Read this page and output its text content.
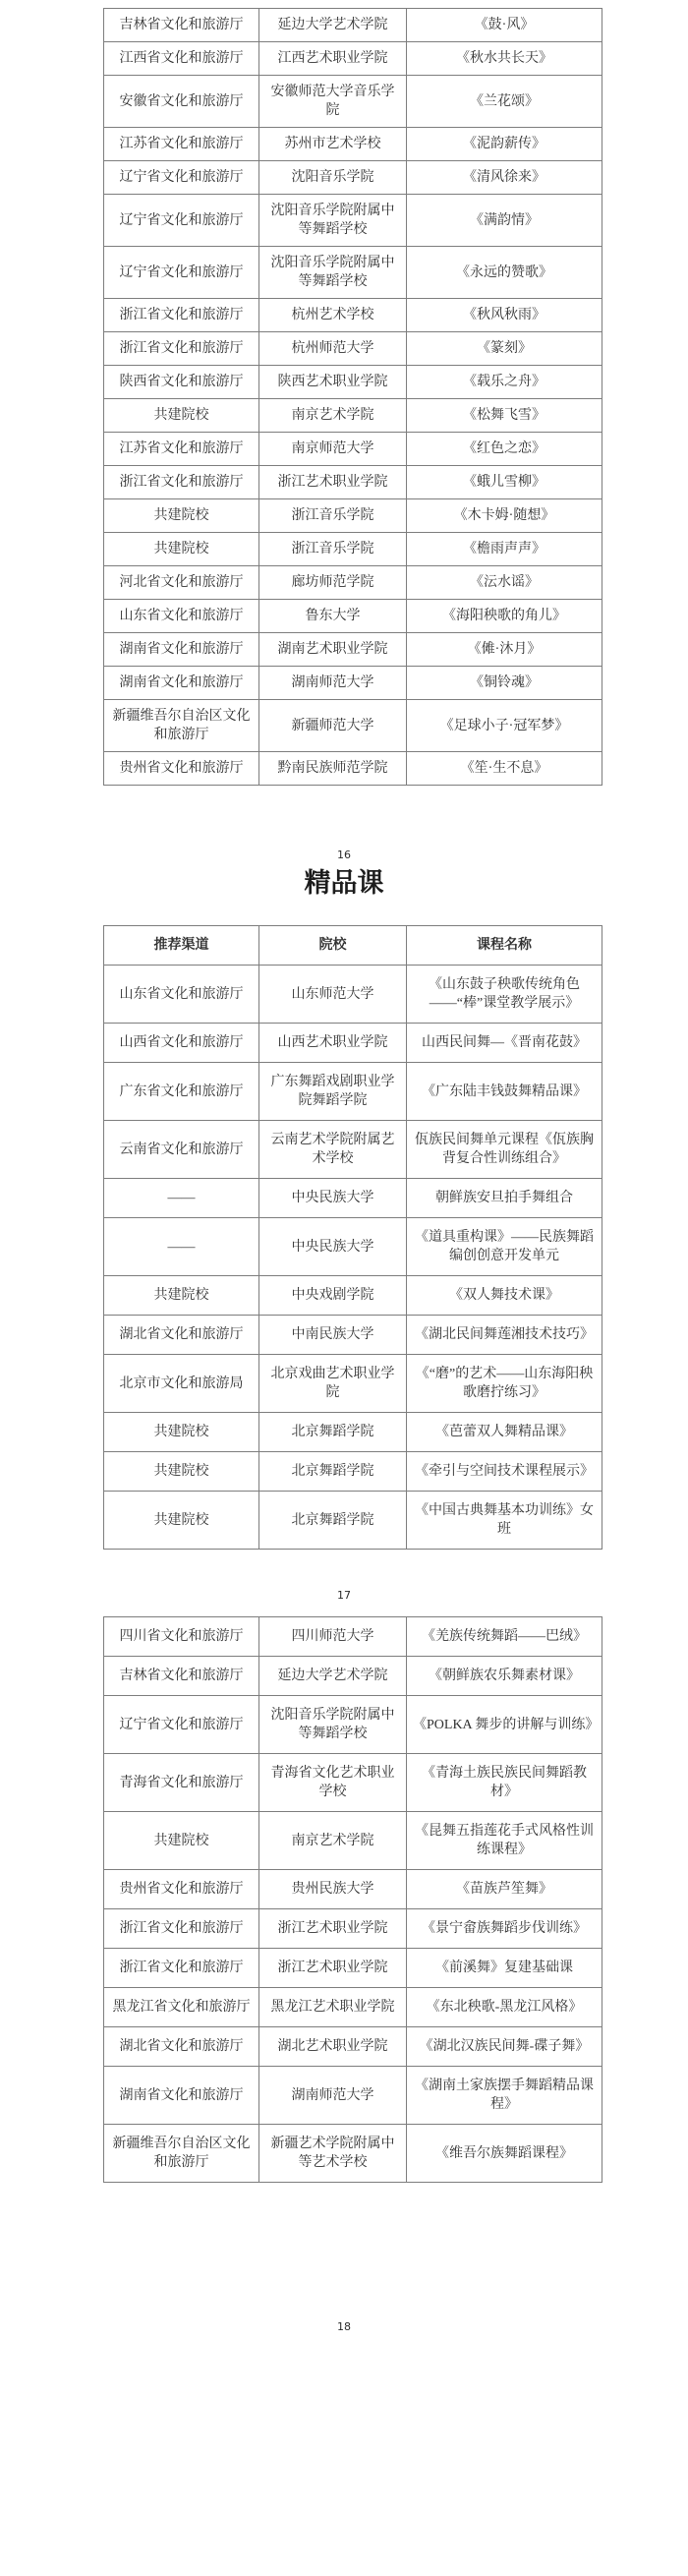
吉林省文化和旅游厅	延边大学艺术学院	《鼓·风》
江西省文化和旅游厅	江西艺术职业学院	《秋水共长天》
安徽省文化和旅游厅	安徽师范大学音乐学院	《兰花颂》
江苏省文化和旅游厅	苏州市艺术学校	《泥韵薪传》
辽宁省文化和旅游厅	沈阳音乐学院	《清风徐来》
辽宁省文化和旅游厅	沈阳音乐学院附属中等舞蹈学校	《满韵情》
辽宁省文化和旅游厅	沈阳音乐学院附属中等舞蹈学校	《永远的赞歌》
浙江省文化和旅游厅	杭州艺术学校	《秋风秋雨》
浙江省文化和旅游厅	杭州师范大学	《篆刻》
陕西省文化和旅游厅	陕西艺术职业学院	《载乐之舟》
共建院校	南京艺术学院	《松舞飞雪》
江苏省文化和旅游厅	南京师范大学	《红色之恋》
浙江省文化和旅游厅	浙江艺术职业学院	《蛾儿雪柳》
共建院校	浙江音乐学院	《木卡姆·随想》
共建院校	浙江音乐学院	《檐雨声声》
河北省文化和旅游厅	廊坊师范学院	《沄水谣》
山东省文化和旅游厅	鲁东大学	《海阳秧歌的角儿》
湖南省文化和旅游厅	湖南艺术职业学院	《傩·沐月》
湖南省文化和旅游厅	湖南师范大学	《铜铃魂》
新疆维吾尔自治区文化和旅游厅	新疆师范大学	《足球小子·冠军梦》
贵州省文化和旅游厅	黔南民族师范学院	《笙·生不息》
16
精品课
推荐渠道	院校	课程名称
山东省文化和旅游厅	山东师范大学	《山东鼓子秧歌传统角色——“棒”课堂教学展示》
山西省文化和旅游厅	山西艺术职业学院	山西民间舞—《晋南花鼓》
广东省文化和旅游厅	广东舞蹈戏剧职业学院舞蹈学院	《广东陆丰钱鼓舞精品课》
云南省文化和旅游厅	云南艺术学院附属艺术学校	佤族民间舞单元课程《佤族胸背复合性训练组合》
——	中央民族大学	朝鲜族安旦拍手舞组合
——	中央民族大学	《道具重构课》——民族舞蹈编创创意开发单元
共建院校	中央戏剧学院	《双人舞技术课》
湖北省文化和旅游厅	中南民族大学	《湖北民间舞莲湘技术技巧》
北京市文化和旅游局	北京戏曲艺术职业学院	《“磨”的艺术——山东海阳秧歌磨拧练习》
共建院校	北京舞蹈学院	《芭蕾双人舞精品课》
共建院校	北京舞蹈学院	《牵引与空间技术课程展示》
共建院校	北京舞蹈学院	《中国古典舞基本功训练》女班
17
四川省文化和旅游厅	四川师范大学	《羌族传统舞蹈——巴绒》
吉林省文化和旅游厅	延边大学艺术学院	《朝鲜族农乐舞素材课》
辽宁省文化和旅游厅	沈阳音乐学院附属中等舞蹈学校	《POLKA 舞步的讲解与训练》
青海省文化和旅游厅	青海省文化艺术职业学校	《青海土族民族民间舞蹈教材》
共建院校	南京艺术学院	《昆舞五指莲花手式风格性训练课程》
贵州省文化和旅游厅	贵州民族大学	《苗族芦笙舞》
浙江省文化和旅游厅	浙江艺术职业学院	《景宁畲族舞蹈步伐训练》
浙江省文化和旅游厅	浙江艺术职业学院	《前溪舞》复建基础课
黑龙江省文化和旅游厅	黑龙江艺术职业学院	《东北秧歌-黑龙江风格》
湖北省文化和旅游厅	湖北艺术职业学院	《湖北汉族民间舞-碟子舞》
湖南省文化和旅游厅	湖南师范大学	《湖南土家族摆手舞蹈精品课程》
新疆维吾尔自治区文化和旅游厅	新疆艺术学院附属中等艺术学校	《维吾尔族舞蹈课程》
18
